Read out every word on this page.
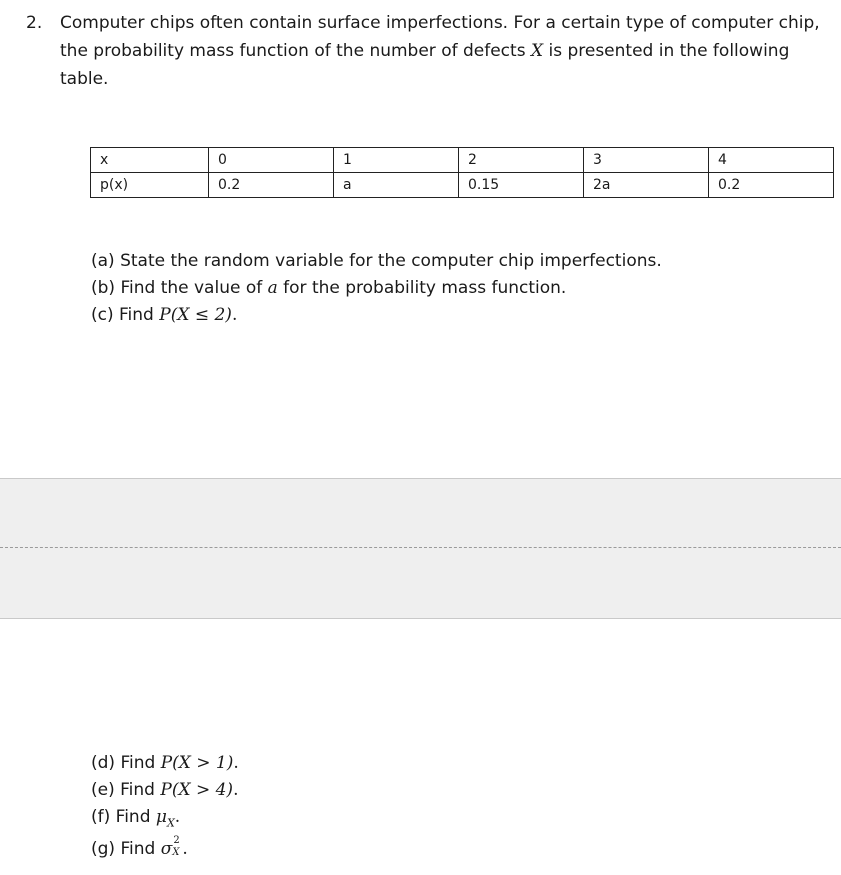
2. Computer chips often contain surface imperfections. For a certain type of computer chip, the probability mass function of the number of defects X is presented in the following table.
x	0	1	2	3	4
p(x)	0.2	a	0.15	2a	0.2
(a) State the random variable for the computer chip imperfections.
(b) Find the value of a for the probability mass function.
(c) Find P(X ≤ 2).
(d) Find P(X > 1).
(e) Find P(X > 4).
(f) Find $\mu_X$.
(g) Find σ 2
X .
